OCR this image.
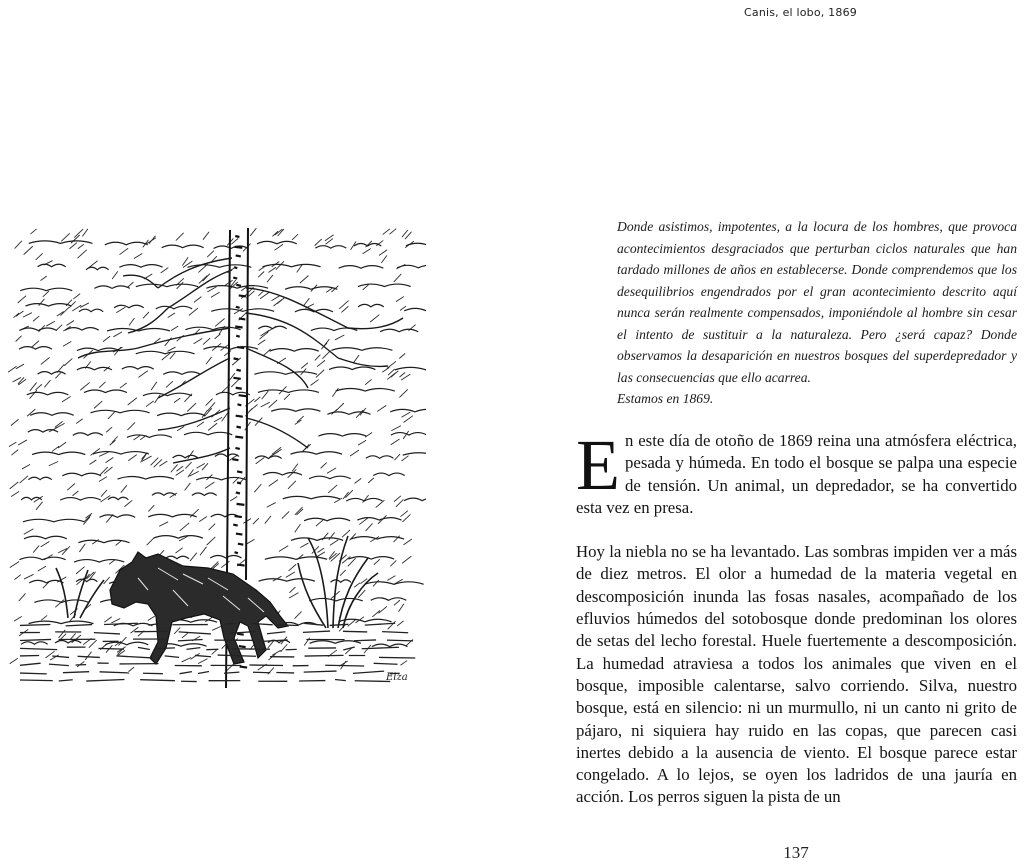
Canis, el lobo, 1869
Elza

Donde asistimos, impotentes, a la locura de los hombres, que provoca acontecimientos desgraciados que perturban ciclos naturales que han tardado millones de años en establecerse. Donde comprendemos que los desequilibrios engendrados por el gran acontecimiento descrito aquí nunca serán realmente compensados, imponiéndole al hombre sin cesar el intento de sustituir a la naturaleza. Pero ¿será capaz? Donde observamos la desaparición en nuestros bosques del superdepredador y las consecuencias que ello acarrea.

Estamos en 1869.

En este día de otoño de 1869 reina una atmósfera eléctrica, pesada y húmeda. En todo el bosque se palpa una especie de tensión. Un animal, un depredador, se ha convertido esta vez en presa.

Hoy la niebla no se ha levantado. Las sombras impiden ver a más de diez metros. El olor a humedad de la materia vegetal en descomposición inunda las fosas nasales, acompañado de los efluvios húmedos del sotobosque donde predominan los olores de setas del lecho forestal. Huele fuertemente a descomposición. La humedad atraviesa a todos los animales que viven en el bosque, imposible calentarse, salvo corriendo. Silva, nuestro bosque, está en silencio: ni un murmullo, ni un canto ni grito de pájaro, ni siquiera hay ruido en las copas, que parecen casi inertes debido a la ausencia de viento. El bosque parece estar congelado. A lo lejos, se oyen los ladridos de una jauría en acción. Los perros siguen la pista de un

137
